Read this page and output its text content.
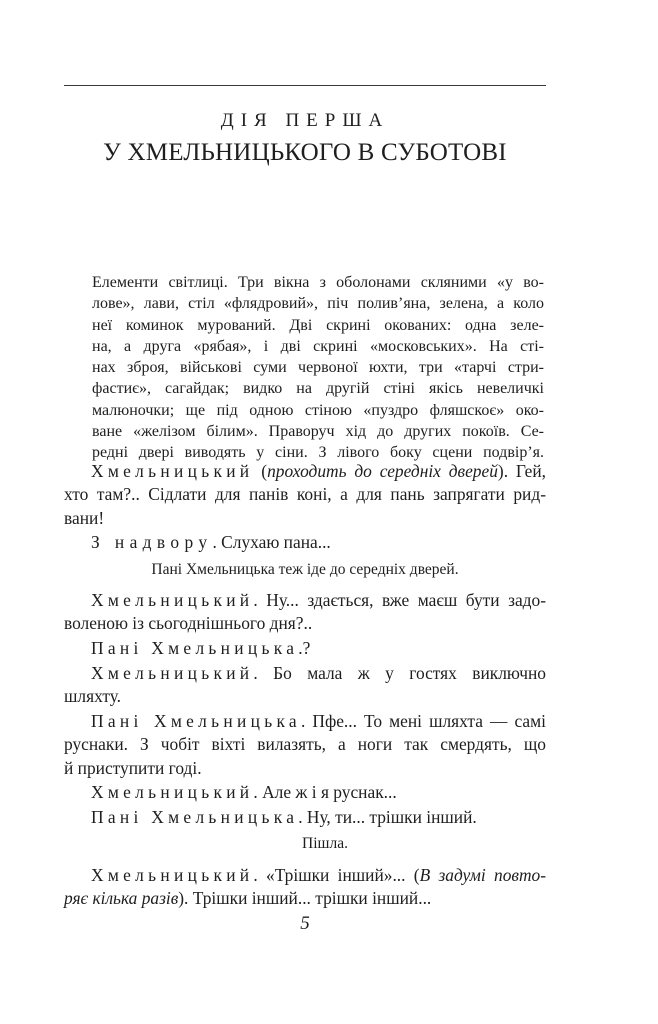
ДІЯ ПЕРША
У ХМЕЛЬНИЦЬКОГО В СУБОТОВІ
Елементи світлиці. Три вікна з оболонами скляними «у во-
лове», лави, стіл «флядровий», піч полив’яна, зелена, а коло
неї коминок мурований. Дві скрині окованих: одна зеле-
на, а друга «рябая», і дві скрині «московських». На сті-
нах зброя, військові суми червоної юхти, три «тарчі стри-
фастиє», сагайдак; видко на другій стіні якісь невеличкі
малюночки; ще під одною стіною «пуздро фляшскоє» око-
ване «желізом білим». Праворуч хід до других покоїв. Се-
редні двері виводять у сіни. З лівого боку сцени подвір’я.
Хмельницький (проходить до середніх дверей). Гей,
хто там?.. Сідлати для панів коні, а для пань запрягати рид-
вани!
З надвору. Слухаю пана...
Пані Хмельницька теж іде до середніх дверей.
Хмельницький. Ну... здається, вже маєш бути задо-
воленою із сьогоднішнього дня?..
Пані Хмельницька.?
Хмельницький. Бо мала ж у гостях виключно
шляхту.
Пані Хмельницька. Пфе... То мені шляхта — самі
руснаки. З чобіт віхті вилазять, а ноги так смердять, що
й приступити годі.
Хмельницький. Але ж і я руснак...
Пані Хмельницька. Ну, ти... трішки інший.
Пішла.
Хмельницький. «Трішки інший»... (В задумі повто-
ряє кілька разів). Трішки інший... трішки інший...
5
